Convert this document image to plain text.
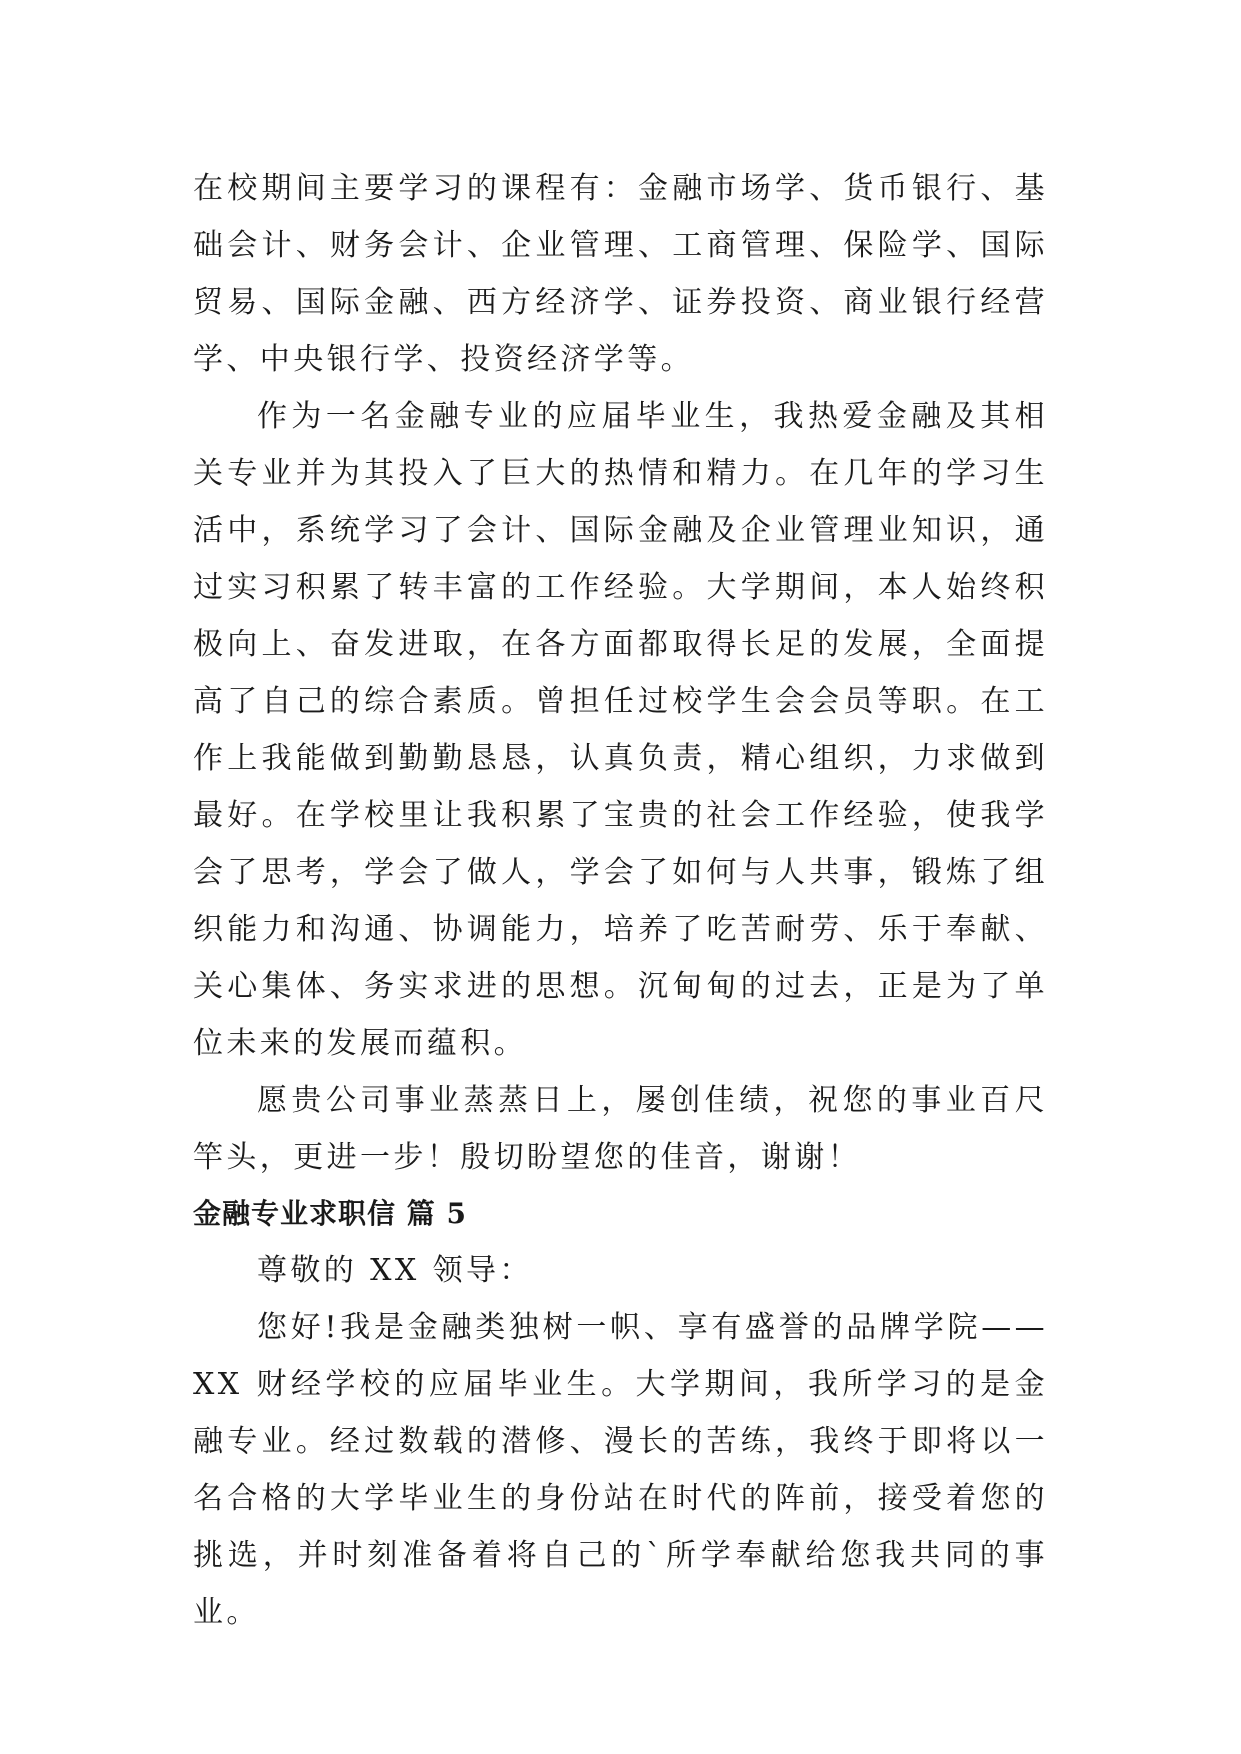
在校期间主要学习的课程有：金融市场学、货币银行、基础会计、财务会计、企业管理、工商管理、保险学、国际贸易、国际金融、西方经济学、证券投资、商业银行经营学、中央银行学、投资经济学等。

作为一名金融专业的应届毕业生，我热爱金融及其相关专业并为其投入了巨大的热情和精力。在几年的学习生活中，系统学习了会计、国际金融及企业管理业知识，通过实习积累了转丰富的工作经验。大学期间，本人始终积极向上、奋发进取，在各方面都取得长足的发展，全面提高了自己的综合素质。曾担任过校学生会会员等职。在工作上我能做到勤勤恳恳，认真负责，精心组织，力求做到最好。在学校里让我积累了宝贵的社会工作经验，使我学会了思考，学会了做人，学会了如何与人共事，锻炼了组织能力和沟通、协调能力，培养了吃苦耐劳、乐于奉献、关心集体、务实求进的思想。沉甸甸的过去，正是为了单位未来的发展而蕴积。

愿贵公司事业蒸蒸日上，屡创佳绩，祝您的事业百尺竿头，更进一步！殷切盼望您的佳音，谢谢！

金融专业求职信 篇 5

尊敬的 XX 领导：

您好!我是金融类独树一帜、享有盛誉的品牌学院——XX 财经学校的应届毕业生。大学期间，我所学习的是金融专业。经过数载的潜修、漫长的苦练，我终于即将以一名合格的大学毕业生的身份站在时代的阵前，接受着您的挑选，并时刻准备着将自己的`所学奉献给您我共同的事业。
